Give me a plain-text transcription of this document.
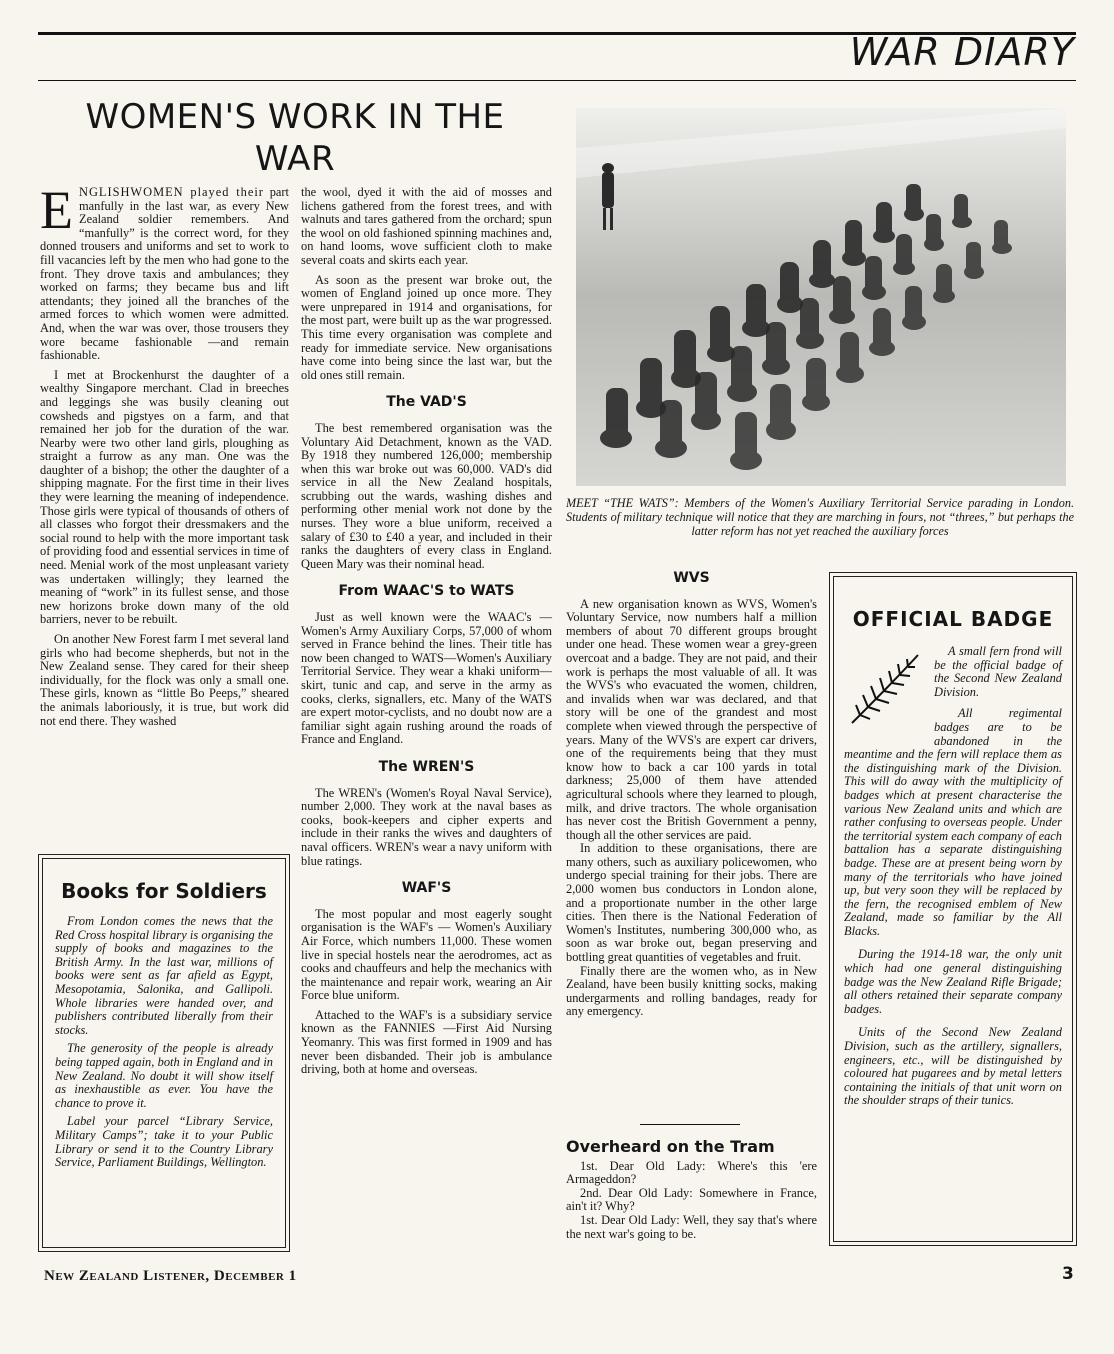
WAR DIARY
WOMEN'S WORK IN THE WAR

ENGLISHWOMEN played their part manfully in the last war, as every New Zealand soldier remembers. And “manfully” is the correct word, for they donned trousers and uniforms and set to work to fill vacancies left by the men who had gone to the front. They drove taxis and ambulances; they worked on farms; they became bus and lift attendants; they joined all the branches of the armed forces to which women were admitted. And, when the war was over, those trousers they wore became fashionable —and remain fashionable.

I met at Brockenhurst the daughter of a wealthy Singapore merchant. Clad in breeches and leggings she was busily cleaning out cowsheds and pigstyes on a farm, and that remained her job for the duration of the war. Nearby were two other land girls, ploughing as straight a furrow as any man. One was the daughter of a bishop; the other the daughter of a shipping magnate. For the first time in their lives they were learning the meaning of independence. Those girls were typical of thousands of others of all classes who forgot their dressmakers and the social round to help with the more important task of providing food and essential services in time of need. Menial work of the most unpleasant variety was undertaken willingly; they learned the meaning of “work” in its fullest sense, and those new horizons broke down many of the old barriers, never to be rebuilt.

On another New Forest farm I met several land girls who had become shepherds, but not in the New Zealand sense. They cared for their sheep individually, for the flock was only a small one. These girls, known as “little Bo Peeps,” sheared the animals laboriously, it is true, but work did not end there. They washed

Books for Soldiers

From London comes the news that the Red Cross hospital library is organising the supply of books and magazines to the British Army. In the last war, millions of books were sent as far afield as Egypt, Mesopotamia, Salonika, and Gallipoli. Whole libraries were handed over, and publishers contributed liberally from their stocks.

The generosity of the people is already being tapped again, both in England and in New Zealand. No doubt it will show itself as inexhaustible as ever. You have the chance to prove it.

Label your parcel “Library Service, Military Camps”; take it to your Public Library or send it to the Country Library Service, Parliament Buildings, Wellington.

the wool, dyed it with the aid of mosses and lichens gathered from the forest trees, and with walnuts and tares gathered from the orchard; spun the wool on old fashioned spinning machines and, on hand looms, wove sufficient cloth to make several coats and skirts each year.

As soon as the present war broke out, the women of England joined up once more. They were unprepared in 1914 and organisations, for the most part, were built up as the war progressed. This time every organisation was complete and ready for immediate service. New organisations have come into being since the last war, but the old ones still remain.

The VAD'S

The best remembered organisation was the Voluntary Aid Detachment, known as the VAD. By 1918 they numbered 126,000; membership when this war broke out was 60,000. VAD's did service in all the New Zealand hospitals, scrubbing out the wards, washing dishes and performing other menial work not done by the nurses. They wore a blue uniform, received a salary of £30 to £40 a year, and included in their ranks the daughters of every class in England. Queen Mary was their nominal head.

From WAAC'S to WATS

Just as well known were the WAAC's —Women's Army Auxiliary Corps, 57,000 of whom served in France behind the lines. Their title has now been changed to WATS—Women's Auxiliary Territorial Service. They wear a khaki uniform—skirt, tunic and cap, and serve in the army as cooks, clerks, signallers, etc. Many of the WATS are expert motor-cyclists, and no doubt now are a familiar sight again rushing around the roads of France and England.

The WREN'S

The WREN's (Women's Royal Naval Service), number 2,000. They work at the naval bases as cooks, book-keepers and cipher experts and include in their ranks the wives and daughters of naval officers. WREN's wear a navy uniform with blue ratings.

WAF'S

The most popular and most eagerly sought organisation is the WAF's — Women's Auxiliary Air Force, which numbers 11,000. These women live in special hostels near the aerodromes, act as cooks and chauffeurs and help the mechanics with the maintenance and repair work, wearing an Air Force blue uniform.

Attached to the WAF's is a subsidiary service known as the FANNIES —First Aid Nursing Yeomanry. This was first formed in 1909 and has never been disbanded. Their job is ambulance driving, both at home and overseas.

MEET “THE WATS”: Members of the Women's Auxiliary Territorial Service parading in London. Students of military technique will notice that they are marching in fours, not “threes,” but perhaps the latter reform has not yet reached the auxiliary forces
WVS

A new organisation known as WVS, Women's Voluntary Service, now numbers half a million members of about 70 different groups brought under one head. These women wear a grey-green overcoat and a badge. They are not paid, and their work is perhaps the most valuable of all. It was the WVS's who evacuated the women, children, and invalids when war was declared, and that story will be one of the grandest and most complete when viewed through the perspective of years. Many of the WVS's are expert car drivers, one of the requirements being that they must know how to back a car 100 yards in total darkness; 25,000 of them have attended agricultural schools where they learned to plough, milk, and drive tractors. The whole organisation has never cost the British Government a penny, though all the other services are paid.

In addition to these organisations, there are many others, such as auxiliary policewomen, who undergo special training for their jobs. There are 2,000 women bus conductors in London alone, and a proportionate number in the other large cities. Then there is the National Federation of Women's Institutes, numbering 300,000 who, as soon as war broke out, began preserving and bottling great quantities of vegetables and fruit.

Finally there are the women who, as in New Zealand, have been busily knitting socks, making undergarments and rolling bandages, ready for any emergency.

Overheard on the Tram

1st. Dear Old Lady: Where's this 'ere Armageddon?

2nd. Dear Old Lady: Somewhere in France, ain't it? Why?

1st. Dear Old Lady: Well, they say that's where the next war's going to be.

OFFICIAL BADGE

A small fern frond will be the official badge of the Second New Zealand Division.

All regimental badges are to be abandoned in the meantime and the fern will replace them as the distinguishing mark of the Division. This will do away with the multiplicity of badges which at present characterise the various New Zealand units and which are rather confusing to overseas people. Under the territorial system each company of each battalion has a separate distinguishing badge. These are at present being worn by many of the territorials who have joined up, but very soon they will be replaced by the fern, the recognised emblem of New Zealand, made so familiar by the All Blacks.

During the 1914-18 war, the only unit which had one general distinguishing badge was the New Zealand Rifle Brigade; all others retained their separate company badges.

Units of the Second New Zealand Division, such as the artillery, signallers, engineers, etc., will be distinguished by coloured hat pugarees and by metal letters containing the initials of that unit worn on the shoulder straps of their tunics.

New Zealand Listener, December 1	3
